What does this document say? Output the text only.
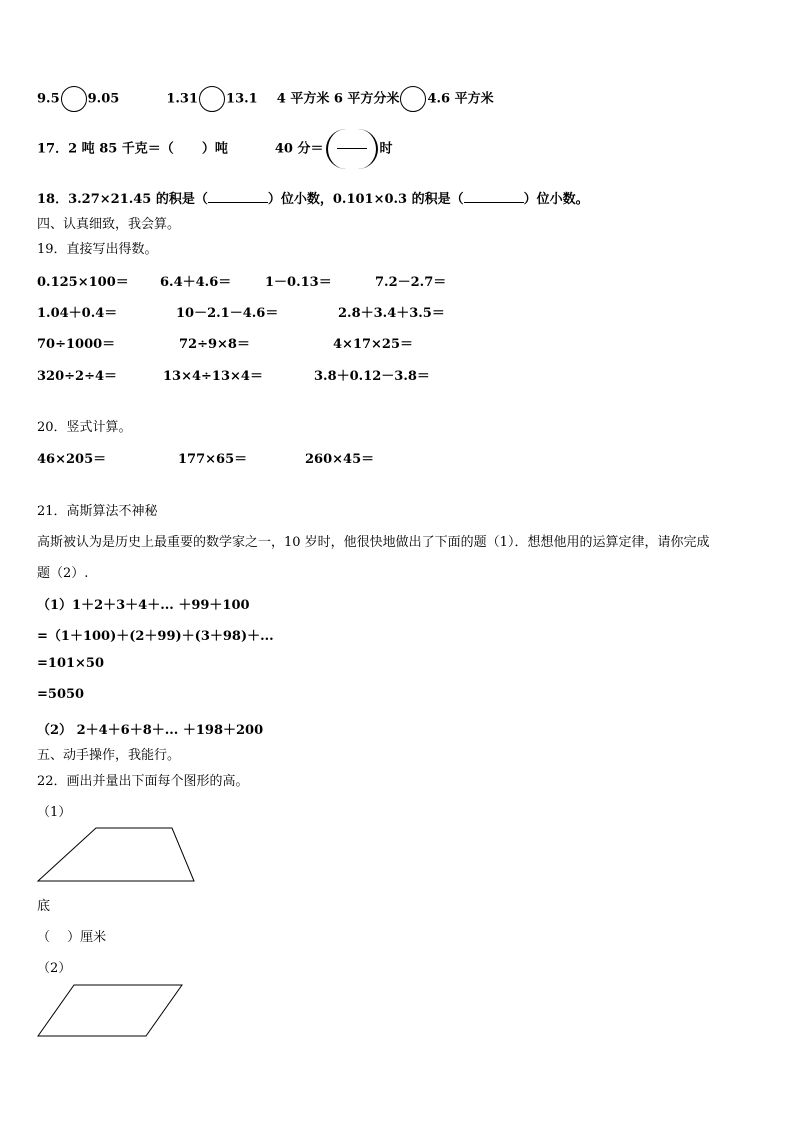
9.5 9.05	1.31 13.1 4 平方米 6 平方分米 4.6 平方米
17．2 吨 85 千克＝（ ）吨	40 分＝	时
18．3.27×21.45 的积是（	）位小数，0.101×0.3 的积是（	）位小数。
四、认真细致，我会算。
19．直接写出得数。
0.125×100＝ 6.4＋4.6＝	1－0.13＝	7.2－2.7＝
1.04＋0.4＝	10－2.1－4.6＝	2.8＋3.4＋3.5＝
70÷1000＝	72÷9×8＝	4×17×25＝
320÷2÷4＝	13×4÷13×4＝	3.8＋0.12－3.8＝
20．竖式计算。
46×205＝	177×65＝	260×45＝
21．高斯算法不神秘
高斯被认为是历史上最重要的数学家之一，10 岁时，他很快地做出了下面的题（1）．想想他用的运算定律，请你完成
题（2）.
（1）1＋2＋3＋4＋... ＋99＋100
=（1＋100)＋(2＋99)＋(3＋98)＋...
=101×50
=5050
（2） 2＋4＋6＋8＋... ＋198＋200
五、动手操作，我能行。
22．画出并量出下面每个图形的高。
（1）
底
（　 ）厘米
（2）
